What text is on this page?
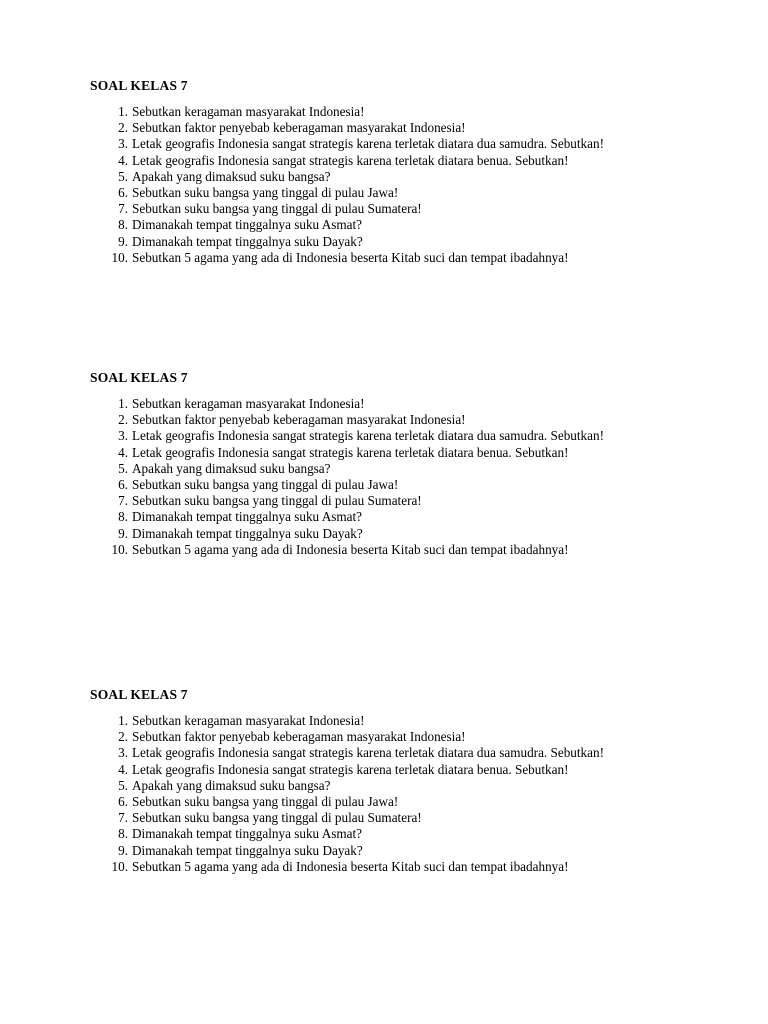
SOAL KELAS 7
1. Sebutkan keragaman masyarakat Indonesia!
2. Sebutkan faktor penyebab keberagaman masyarakat Indonesia!
3. Letak geografis Indonesia sangat strategis karena terletak diatara dua samudra. Sebutkan!
4. Letak geografis Indonesia sangat strategis karena terletak diatara benua. Sebutkan!
5. Apakah yang dimaksud suku bangsa?
6. Sebutkan suku bangsa yang tinggal di pulau Jawa!
7. Sebutkan suku bangsa yang tinggal di pulau Sumatera!
8. Dimanakah tempat tinggalnya suku Asmat?
9. Dimanakah tempat tinggalnya suku Dayak?
10. Sebutkan 5 agama yang ada di Indonesia beserta Kitab suci dan tempat ibadahnya!
SOAL KELAS 7
1. Sebutkan keragaman masyarakat Indonesia!
2. Sebutkan faktor penyebab keberagaman masyarakat Indonesia!
3. Letak geografis Indonesia sangat strategis karena terletak diatara dua samudra. Sebutkan!
4. Letak geografis Indonesia sangat strategis karena terletak diatara benua. Sebutkan!
5. Apakah yang dimaksud suku bangsa?
6. Sebutkan suku bangsa yang tinggal di pulau Jawa!
7. Sebutkan suku bangsa yang tinggal di pulau Sumatera!
8. Dimanakah tempat tinggalnya suku Asmat?
9. Dimanakah tempat tinggalnya suku Dayak?
10. Sebutkan 5 agama yang ada di Indonesia beserta Kitab suci dan tempat ibadahnya!
SOAL KELAS 7
1. Sebutkan keragaman masyarakat Indonesia!
2. Sebutkan faktor penyebab keberagaman masyarakat Indonesia!
3. Letak geografis Indonesia sangat strategis karena terletak diatara dua samudra. Sebutkan!
4. Letak geografis Indonesia sangat strategis karena terletak diatara benua. Sebutkan!
5. Apakah yang dimaksud suku bangsa?
6. Sebutkan suku bangsa yang tinggal di pulau Jawa!
7. Sebutkan suku bangsa yang tinggal di pulau Sumatera!
8. Dimanakah tempat tinggalnya suku Asmat?
9. Dimanakah tempat tinggalnya suku Dayak?
10. Sebutkan 5 agama yang ada di Indonesia beserta Kitab suci dan tempat ibadahnya!
